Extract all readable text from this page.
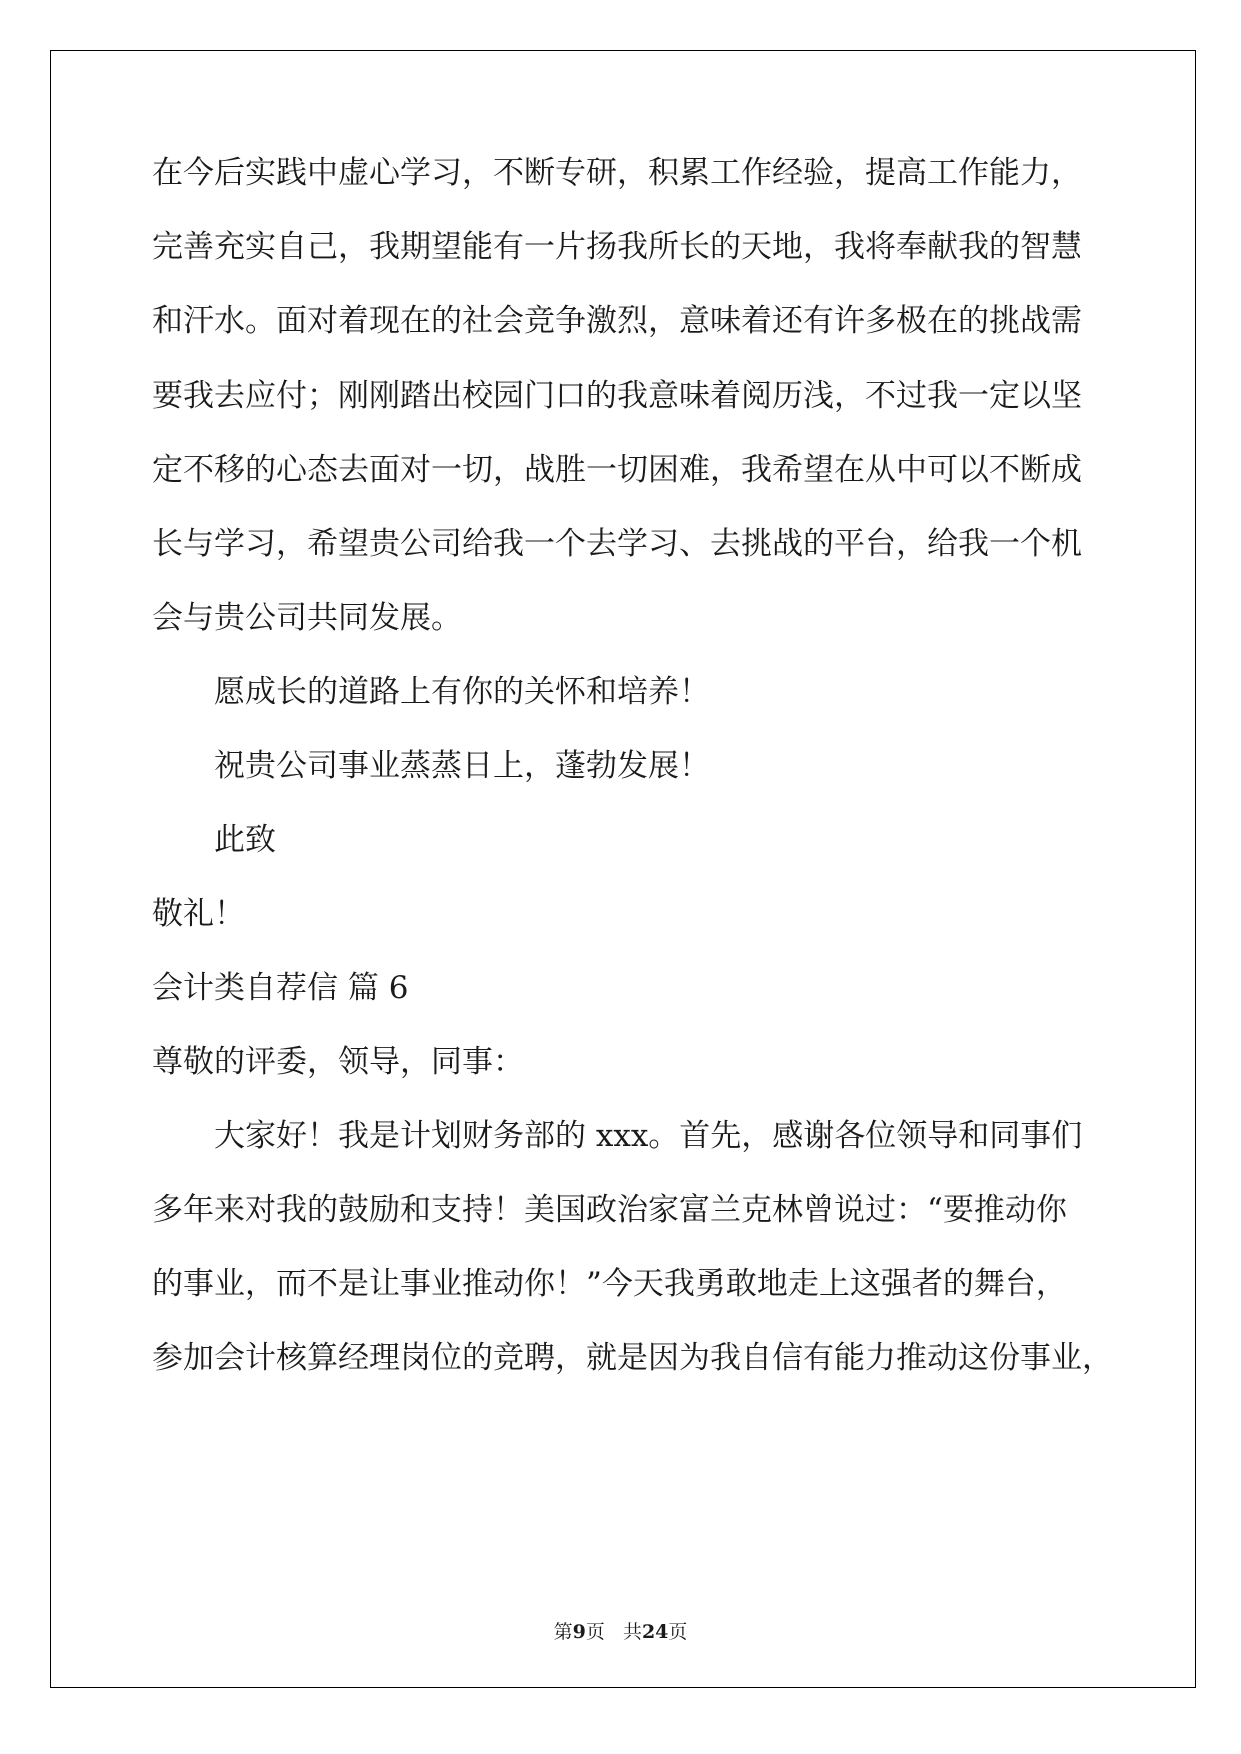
在今后实践中虚心学习，不断专研，积累工作经验，提高工作能力，

完善充实自己，我期望能有一片扬我所长的天地，我将奉献我的智慧

和汗水。面对着现在的社会竞争激烈，意味着还有许多极在的挑战需

要我去应付；刚刚踏出校园门口的我意味着阅历浅，不过我一定以坚

定不移的心态去面对一切，战胜一切困难，我希望在从中可以不断成

长与学习，希望贵公司给我一个去学习、去挑战的平台，给我一个机

会与贵公司共同发展。

愿成长的道路上有你的关怀和培养！

祝贵公司事业蒸蒸日上，蓬勃发展！

此致

敬礼！

会计类自荐信 篇 6

尊敬的评委，领导，同事：

大家好！我是计划财务部的 xxx。首先，感谢各位领导和同事们

多年来对我的鼓励和支持！美国政治家富兰克林曾说过：“要推动你

的事业，而不是让事业推动你！”今天我勇敢地走上这强者的舞台，

参加会计核算经理岗位的竞聘，就是因为我自信有能力推动这份事业，

第9页   共24页
